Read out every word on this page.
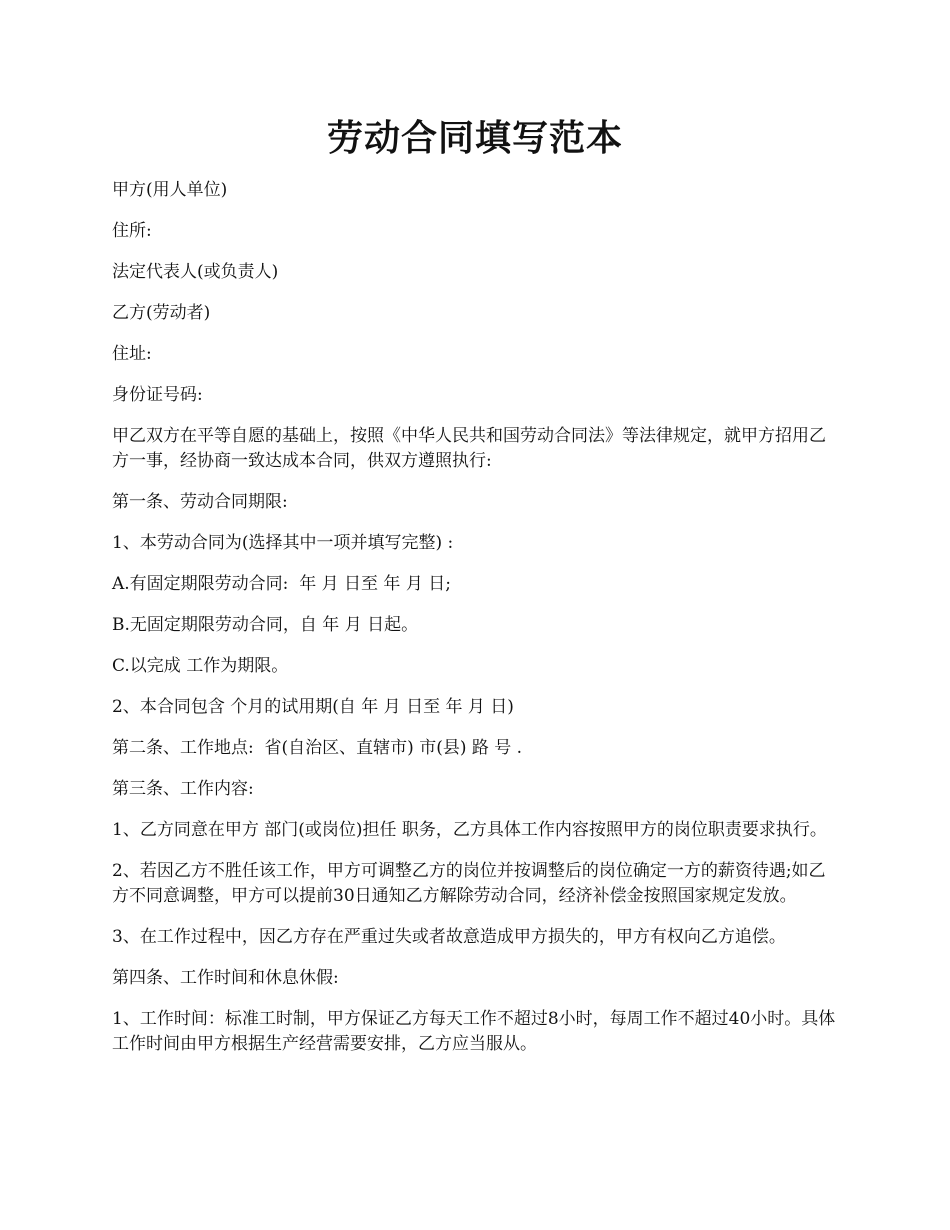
劳动合同填写范本

甲方(用人单位)

住所:

法定代表人(或负责人)

乙方(劳动者)

住址:

身份证号码:

甲乙双方在平等自愿的基础上，按照《中华人民共和国劳动合同法》等法律规定，就甲方招用乙方一事，经协商一致达成本合同，供双方遵照执行:

第一条、劳动合同期限:

1、本劳动合同为(选择其中一项并填写完整) :

A.有固定期限劳动合同:  年 月 日至 年 月 日;

B.无固定期限劳动合同，自 年 月 日起。

C.以完成 工作为期限。

2、本合同包含 个月的试用期(自 年 月 日至 年 月 日)

第二条、工作地点:  省(自治区、直辖市) 市(县) 路 号 .

第三条、工作内容:

1、乙方同意在甲方 部门(或岗位)担任 职务，乙方具体工作内容按照甲方的岗位职责要求执行。

2、若因乙方不胜任该工作，甲方可调整乙方的岗位并按调整后的岗位确定一方的薪资待遇;如乙方不同意调整，甲方可以提前30日通知乙方解除劳动合同，经济补偿金按照国家规定发放。

3、在工作过程中，因乙方存在严重过失或者故意造成甲方损失的，甲方有权向乙方追偿。

第四条、工作时间和休息休假:

1、工作时间：标准工时制，甲方保证乙方每天工作不超过8小时，每周工作不超过40小时。具体工作时间由甲方根据生产经营需要安排，乙方应当服从。
